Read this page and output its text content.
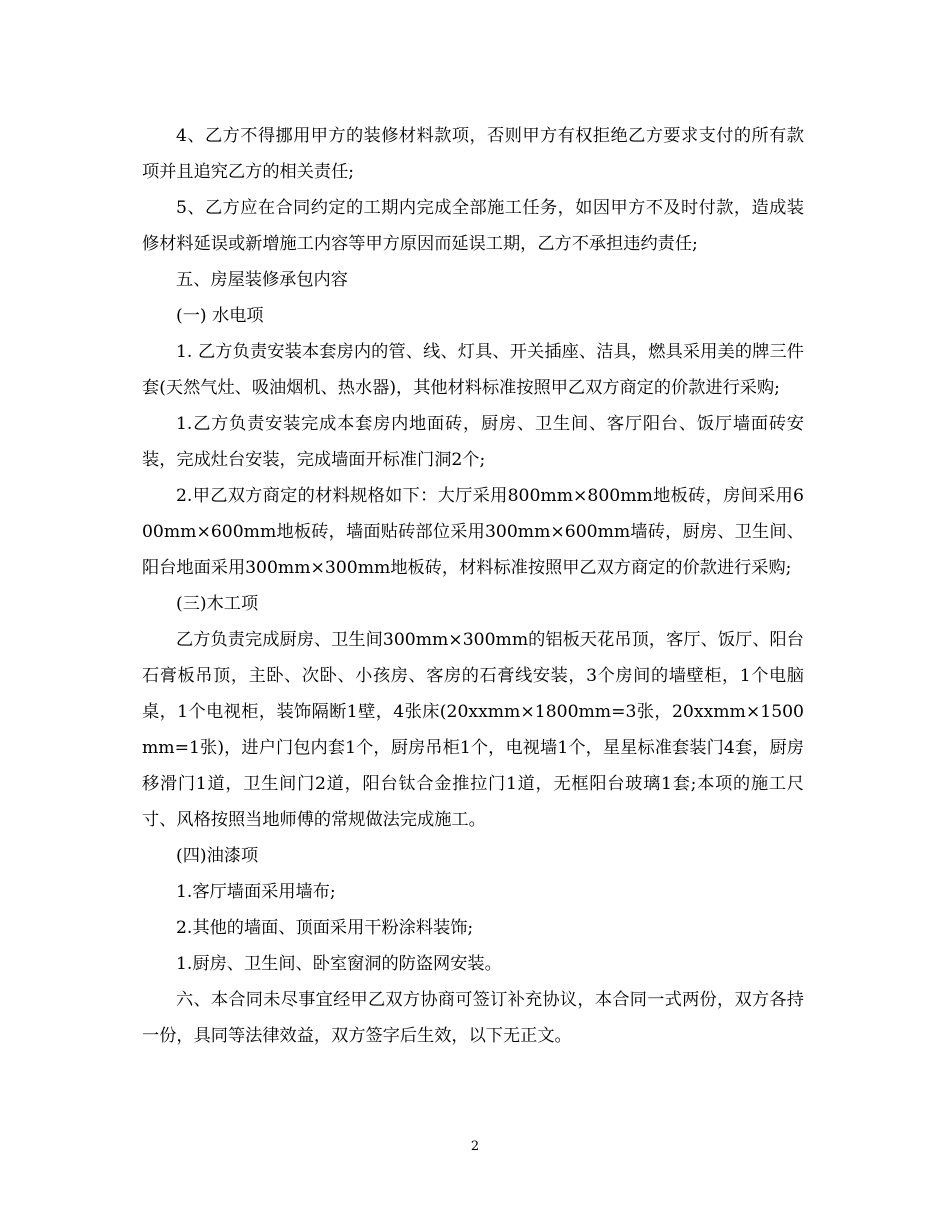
4、乙方不得挪用甲方的装修材料款项，否则甲方有权拒绝乙方要求支付的所有款项并且追究乙方的相关责任;

5、乙方应在合同约定的工期内完成全部施工任务，如因甲方不及时付款，造成装修材料延误或新增施工内容等甲方原因而延误工期，乙方不承担违约责任;

五、房屋装修承包内容

(一) 水电项

1. 乙方负责安装本套房内的管、线、灯具、开关插座、洁具，燃具采用美的牌三件套(天然气灶、吸油烟机、热水器)，其他材料标准按照甲乙双方商定的价款进行采购;

1.乙方负责安装完成本套房内地面砖，厨房、卫生间、客厅阳台、饭厅墙面砖安装，完成灶台安装，完成墙面开标准门洞2个;

2.甲乙双方商定的材料规格如下：大厅采用800mm×800mm地板砖，房间采用600mm×600mm地板砖，墙面贴砖部位采用300mm×600mm墙砖，厨房、卫生间、阳台地面采用300mm×300mm地板砖，材料标准按照甲乙双方商定的价款进行采购;

(三)木工项

乙方负责完成厨房、卫生间300mm×300mm的铝板天花吊顶，客厅、饭厅、阳台石膏板吊顶，主卧、次卧、小孩房、客房的石膏线安装，3个房间的墙壁柜，1个电脑桌，1个电视柜，装饰隔断1壁，4张床(20xxmm×1800mm=3张，20xxmm×1500mm=1张)，进户门包内套1个，厨房吊柜1个，电视墙1个，星星标准套装门4套，厨房移滑门1道，卫生间门2道，阳台钛合金推拉门1道，无框阳台玻璃1套;本项的施工尺寸、风格按照当地师傅的常规做法完成施工。

(四)油漆项

1.客厅墙面采用墙布;

2.其他的墙面、顶面采用干粉涂料装饰;

1.厨房、卫生间、卧室窗洞的防盗网安装。

六、本合同未尽事宜经甲乙双方协商可签订补充协议，本合同一式两份，双方各持一份，具同等法律效益，双方签字后生效，以下无正文。

2
